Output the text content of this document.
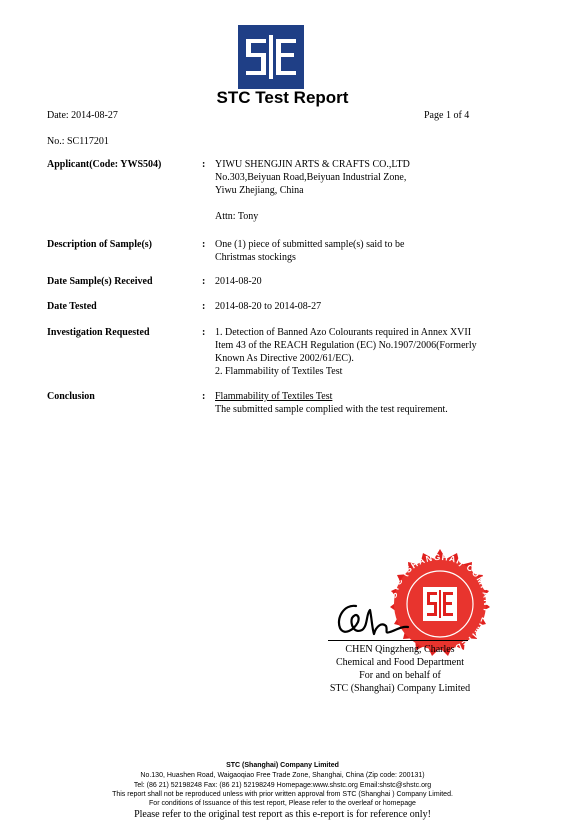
STC Test Report
Date: 2014-08-27	Page 1 of 4
No.: SC117201
Applicant(Code: YWS504)	: YIWU SHENGJIN ARTS & CRAFTS CO.,LTD
No.303,Beiyuan Road,Beiyuan Industrial Zone,
Yiwu Zhejiang, China
Attn: Tony
Description of Sample(s)	: One (1) piece of submitted sample(s) said to be
Christmas stockings
Date Sample(s) Received	: 2014-08-20
Date Tested	: 2014-08-20 to 2014-08-27
Investigation Requested	: 1. Detection of Banned Azo Colourants required in Annex XVII
Item 43 of the REACH Regulation (EC) No.1907/2006(Formerly
Known As Directive 2002/61/EC).
2. Flammability of Textiles Test
Conclusion	: Flammability of Textiles Test
The submitted sample complied with the test requirement.
STC (SHANGHAI) COMPANY LIMITED
CHEN Qingzheng, Charles
Chemical and Food Department
For and on behalf of
STC (Shanghai) Company Limited
STC (Shanghai) Company Limited
No.130, Huashen Road, Waigaoqiao Free Trade Zone, Shanghai, China (Zip code: 200131)
Tel: (86 21) 52198248 Fax: (86 21) 52198249 Homepage:www.shstc.org Email:shstc@shstc.org
This report shall not be reproduced unless with prior written approval from STC (Shanghai ) Company Limited.
For conditions of Issuance of this test report, Please refer to the overleaf or homepage
Please refer to the original test report as this e-report is for reference only!
